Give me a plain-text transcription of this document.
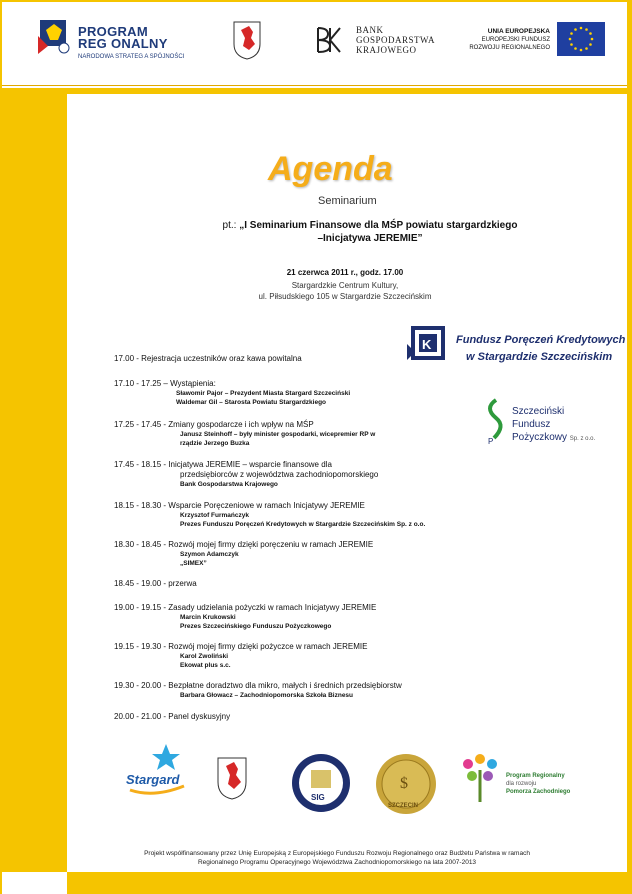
PROGRAM
REG ONALNY
NARODOWA STRATEG A SPÓJNOŚCI
BANK
GOSPODARSTWA
KRAJOWEGO
UNIA EUROPEJSKA
EUROPEJSKI FUNDUSZ
ROZWOJU REGIONALNEGO
Agenda
Seminarium
pt.: „I Seminarium Finansowe dla MŚP powiatu stargardzkiego
–Inicjatywa JEREMIE”
21 czerwca 2011 r., godz. 17.00
Stargardzkie Centrum Kultury,
ul. Piłsudskiego 105 w Stargardzie Szczecińskim
K Fundusz Poręczeń Kredytowych
w Stargardzie Szczecińskim
P
Szczeciński
Fundusz
Pożyczkowy Sp. z o.o.
17.00 - Rejestracja uczestników oraz kawa powitalna
17.10 - 17.25 – Wystąpienia:
Sławomir Pajor – Prezydent Miasta Stargard Szczeciński
Waldemar Gil – Starosta Powiatu Stargardzkiego
17.25 - 17.45 - Zmiany gospodarcze i ich wpływ na MŚP
Janusz Steinhoff – były minister gospodarki, wicepremier RP w
rządzie Jerzego Buzka
17.45 - 18.15 - Inicjatywa JEREMIE – wsparcie finansowe dla
przedsiębiorców z województwa zachodniopomorskiego
Bank Gospodarstwa Krajowego
18.15 - 18.30 - Wsparcie Poręczeniowe w ramach Inicjatywy JEREMIE
Krzysztof Furmańczyk
Prezes Funduszu Poręczeń Kredytowych w Stargardzie Szczecińskim Sp. z o.o.
18.30 - 18.45 - Rozwój mojej firmy dzięki poręczeniu w ramach JEREMIE
Szymon Adamczyk
„SIMEX”
18.45 - 19.00 - przerwa
19.00 - 19.15 - Zasady udzielania pożyczki w ramach Inicjatywy JEREMIE
Marcin Krukowski
Prezes Szczecińskiego Funduszu Pożyczkowego
19.15 - 19.30 - Rozwój mojej firmy dzięki pożyczce w ramach JEREMIE
Karol Zwoliński
Ekowat plus s.c.
19.30 - 20.00 - Bezpłatne doradztwo dla mikro, małych i średnich przedsiębiorstw
Barbara Głowacz – Zachodniopomorska Szkoła Biznesu
20.00 - 21.00 - Panel dyskusyjny
Stargard
SIG
$
SZCZECIN
Program Regionalny
dla rozwoju
Pomorza Zachodniego
Projekt współfinansowany przez Unię Europejską z Europejskiego Funduszu Rozwoju Regionalnego oraz Budżetu Państwa w ramach
Regionalnego Programu Operacyjnego Województwa Zachodniopomorskiego na lata 2007-2013
